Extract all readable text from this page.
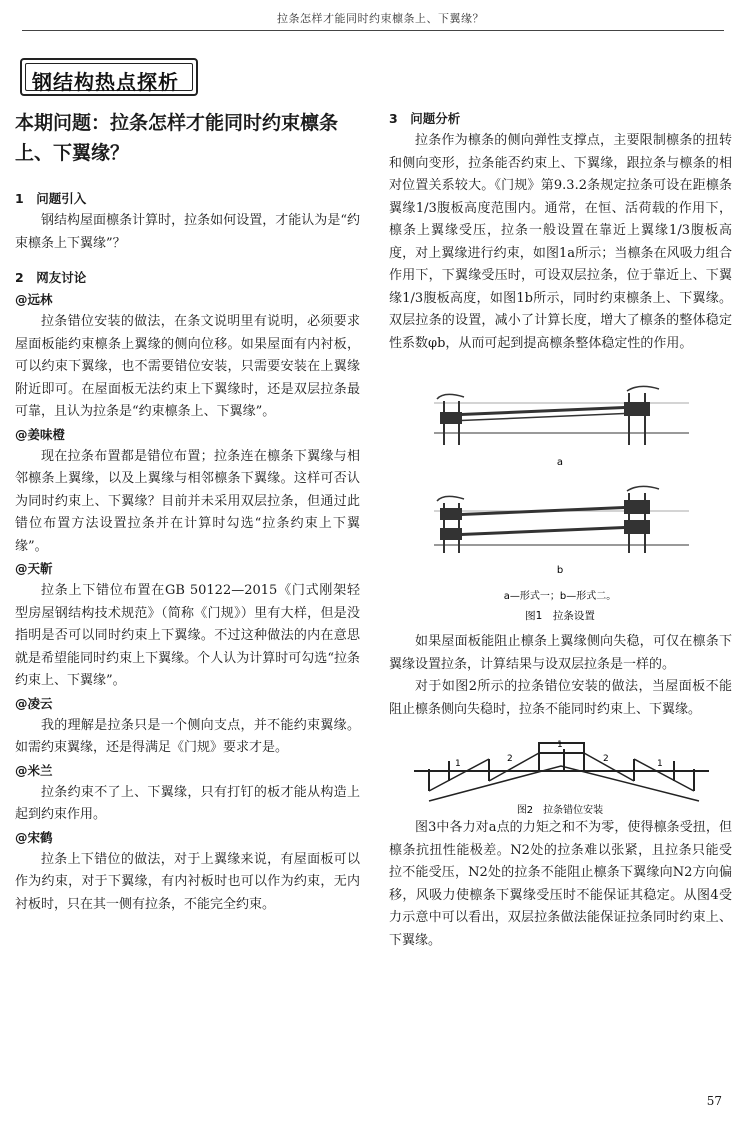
拉条怎样才能同时约束檩条上、下翼缘？
钢结构热点探析
本期问题：拉条怎样才能同时约束檩条上、下翼缘？
1　问题引入

钢结构屋面檩条计算时，拉条如何设置，才能认为是“约束檩条上下翼缘”？

2　网友讨论
@远林

拉条错位安装的做法，在条文说明里有说明，必须要求屋面板能约束檩条上翼缘的侧向位移。如果屋面有内衬板，可以约束下翼缘，也不需要错位安装，只需要安装在上翼缘附近即可。在屋面板无法约束上下翼缘时，还是双层拉条最可靠，且认为拉条是“约束檩条上、下翼缘”。

@姜味橙

现在拉条布置都是错位布置；拉条连在檩条下翼缘与相邻檩条上翼缘，以及上翼缘与相邻檩条下翼缘。这样可否认为同时约束上、下翼缘？目前并未采用双层拉条，但通过此错位布置方法设置拉条并在计算时勾选“拉条约束上下翼缘”。

@天靳

拉条上下错位布置在GB 50122—2015《门式刚架轻型房屋钢结构技术规范》（简称《门规》）里有大样，但是没指明是否可以同时约束上下翼缘。不过这种做法的内在意思就是希望能同时约束上下翼缘。个人认为计算时可勾选“拉条约束上、下翼缘”。

@凌云

我的理解是拉条只是一个侧向支点，并不能约束翼缘。如需约束翼缘，还是得满足《门规》要求才是。

@米兰

拉条约束不了上、下翼缘，只有打钉的板才能从构造上起到约束作用。

@宋鹤

拉条上下错位的做法，对于上翼缘来说，有屋面板可以作为约束，对于下翼缘，有内衬板时也可以作为约束，无内衬板时，只在其一侧有拉条，不能完全约束。

3　问题分析

拉条作为檩条的侧向弹性支撑点，主要限制檩条的扭转和侧向变形，拉条能否约束上、下翼缘，跟拉条与檩条的相对位置关系较大。《门规》第9.3.2条规定拉条可设在距檩条翼缘1/3腹板高度范围内。通常，在恒、活荷载的作用下，檩条上翼缘受压，拉条一般设置在靠近上翼缘1/3腹板高度，对上翼缘进行约束，如图1a所示；当檩条在风吸力组合作用下，下翼缘受压时，可设双层拉条，位于靠近上、下翼缘1/3腹板高度，如图1b所示，同时约束檩条上、下翼缘。双层拉条的设置，减小了计算长度，增大了檩条的整体稳定性系数φb，从而可起到提高檩条整体稳定性的作用。

a
b
a—形式一；b—形式二。
图1　拉条设置

如果屋面板能阻止檩条上翼缘侧向失稳，可仅在檩条下翼缘设置拉条，计算结果与设双层拉条是一样的。

对于如图2所示的拉条错位安装的做法，当屋面板不能阻止檩条侧向失稳时，拉条不能同时约束上、下翼缘。

1	2
1
2	1
图2　拉条错位安装

图3中各力对a点的力矩之和不为零，使得檩条受扭，但檩条抗扭性能极差。N2处的拉条难以张紧，且拉条只能受拉不能受压，N2处的拉条不能阻止檩条下翼缘向N2方向偏移，风吸力使檩条下翼缘受压时不能保证其稳定。从图4受力示意中可以看出，双层拉条做法能保证拉条同时约束上、下翼缘。

57
